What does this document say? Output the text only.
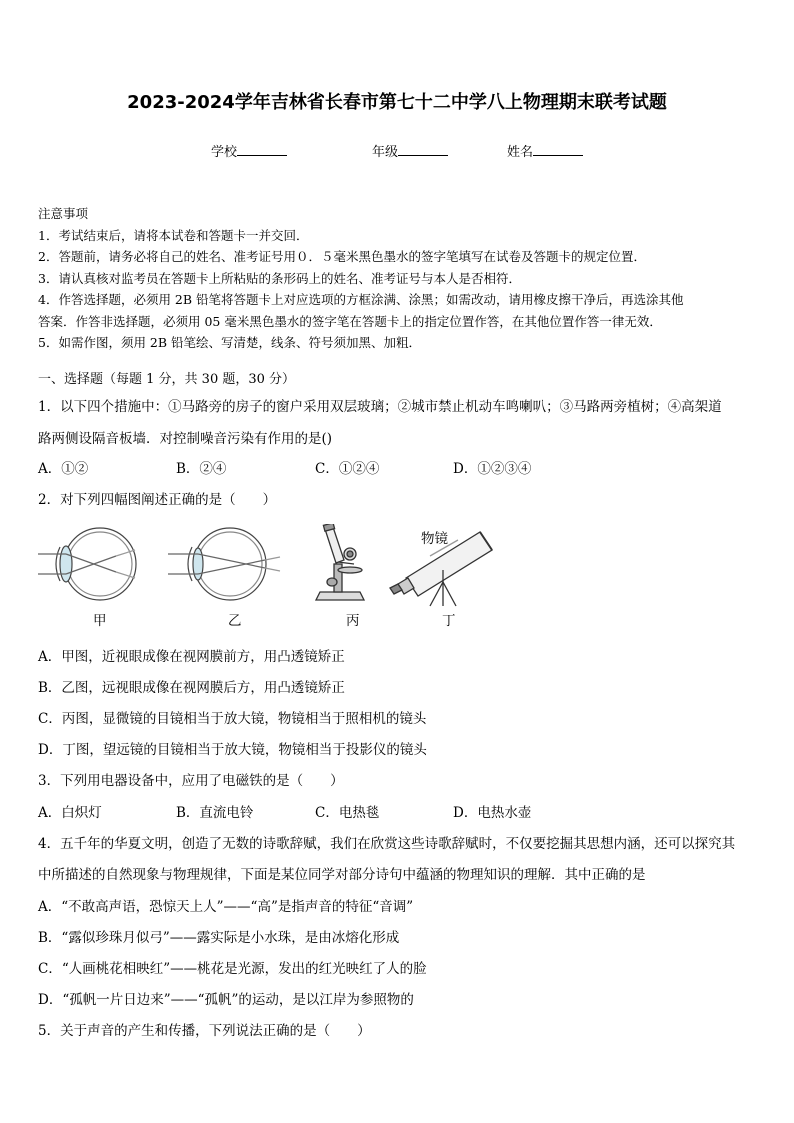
2023-2024学年吉林省长春市第七十二中学八上物理期末联考试题
学校	年级	姓名
注意事项
1．考试结束后，请将本试卷和答题卡一并交回．
2．答题前，请务必将自己的姓名、准考证号用０．５毫米黑色墨水的签字笔填写在试卷及答题卡的规定位置．
3．请认真核对监考员在答题卡上所粘贴的条形码上的姓名、准考证号与本人是否相符．
4．作答选择题，必须用 2B 铅笔将答题卡上对应选项的方框涂满、涂黑；如需改动，请用橡皮擦干净后，再选涂其他
答案．作答非选择题，必须用 05 毫米黑色墨水的签字笔在答题卡上的指定位置作答，在其他位置作答一律无效．
5．如需作图，须用 2B 铅笔绘、写清楚，线条、符号须加黑、加粗．
一、选择题（每题 1 分，共 30 题，30 分）
1．以下四个措施中：①马路旁的房子的窗户采用双层玻璃；②城市禁止机动车鸣喇叭；③马路两旁植树；④高架道
路两侧设隔音板墙．对控制噪音污染有作用的是()
A．①②	B．②④	C．①②④	D．①②③④
2．对下列四幅图阐述正确的是（　　）
甲	乙	丙
物镜
丁
A．甲图，近视眼成像在视网膜前方，用凸透镜矫正
B．乙图，远视眼成像在视网膜后方，用凸透镜矫正
C．丙图，显微镜的目镜相当于放大镜，物镜相当于照相机的镜头
D．丁图，望远镜的目镜相当于放大镜，物镜相当于投影仪的镜头
3．下列用电器设备中，应用了电磁铁的是（　　）
A．白炽灯	B．直流电铃	C．电热毯	D．电热水壶
4．五千年的华夏文明，创造了无数的诗歌辞赋，我们在欣赏这些诗歌辞赋时，不仅要挖掘其思想内涵，还可以探究其
中所描述的自然现象与物理规律，下面是某位同学对部分诗句中蕴涵的物理知识的理解．其中正确的是
A．“不敢高声语，恐惊天上人”——“高”是指声音的特征“音调”
B．“露似珍珠月似弓”——露实际是小水珠，是由冰熔化形成
C．“人画桃花相映红”——桃花是光源，发出的红光映红了人的脸
D．“孤帆一片日边来”——“孤帆”的运动，是以江岸为参照物的
5．关于声音的产生和传播，下列说法正确的是（　　）
